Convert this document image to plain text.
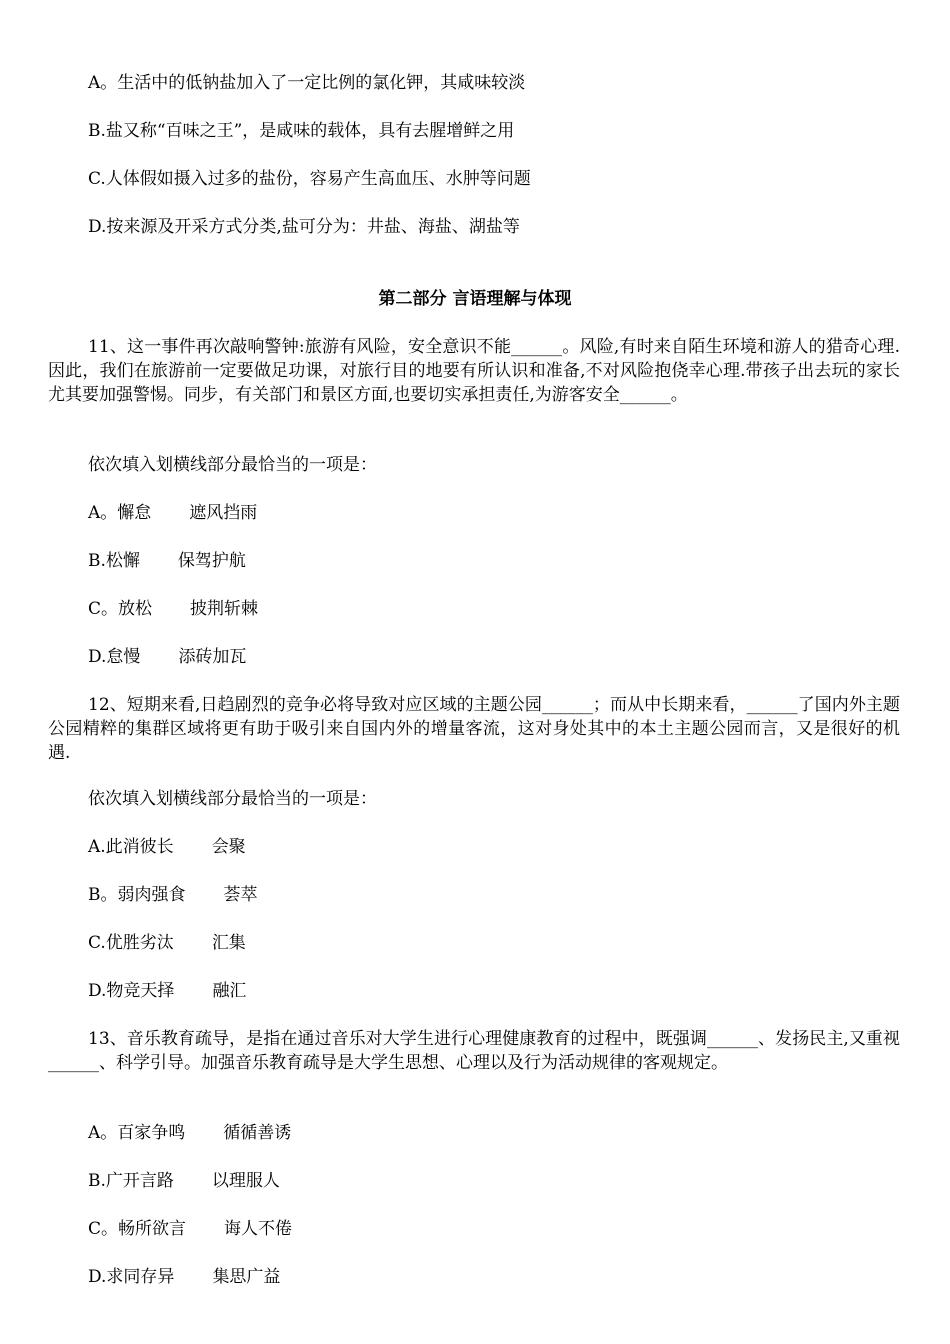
A。生活中的低钠盐加入了一定比例的氯化钾，其咸味较淡

B.盐又称“百味之王”，是咸味的载体，具有去腥增鲜之用

C.人体假如摄入过多的盐份，容易产生高血压、水肿等问题

D.按来源及开采方式分类,盐可分为：井盐、海盐、湖盐等

第二部分 言语理解与体现

11、这一事件再次敲响警钟:旅游有风险，安全意识不能______。风险,有时来自陌生环境和游人的猎奇心理.因此，我们在旅游前一定要做足功课，对旅行目的地要有所认识和准备,不对风险抱侥幸心理.带孩子出去玩的家长尤其要加强警惕。同步，有关部门和景区方面,也要切实承担责任,为游客安全______。

依次填入划横线部分最恰当的一项是：

A。懈怠 遮风挡雨

B.松懈 保驾护航

C。放松 披荆斩棘

D.怠慢 添砖加瓦

12、短期来看,日趋剧烈的竞争必将导致对应区域的主题公园______；而从中长期来看，______了国内外主题公园精粹的集群区域将更有助于吸引来自国内外的增量客流，这对身处其中的本土主题公园而言，又是很好的机遇.

依次填入划横线部分最恰当的一项是：

A.此消彼长 会聚

B。弱肉强食 荟萃

C.优胜劣汰 汇集

D.物竞天择 融汇

13、音乐教育疏导，是指在通过音乐对大学生进行心理健康教育的过程中，既强调______、发扬民主,又重视______、科学引导。加强音乐教育疏导是大学生思想、心理以及行为活动规律的客观规定。

A。百家争鸣 循循善诱

B.广开言路 以理服人

C。畅所欲言 诲人不倦

D.求同存异 集思广益
